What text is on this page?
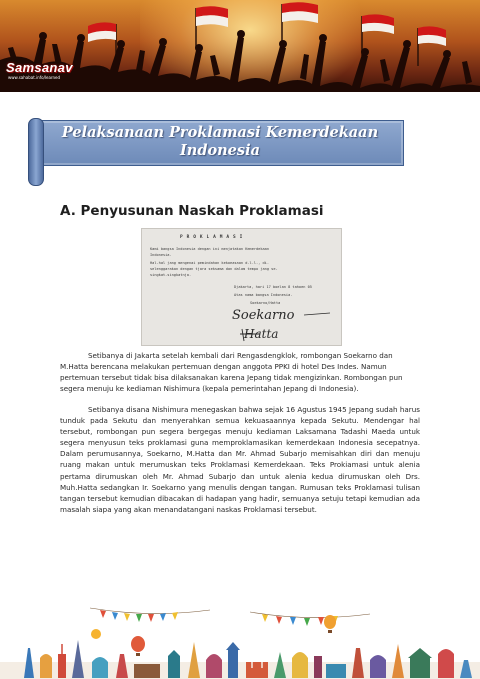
Samsanav
www.sahabat.info/learned
Pelaksanaan Proklamasi Kemerdekaan
Indonesia
A. Penyusunan Naskah Proklamasi
P R O K L A M A S I
Kami bangsa Indonesia dengan ini menjatakan Kemerdekaan
Indonesia.
Hal-hal jang mengenai pemindahan kekoeasaan d.l.l., di-
selenggarakan dengan tjara seksama dan dalam tempo jang se-
singkat-singkatnja.
Djakarta, hari 17 boelan 8 tahoen 05
Atas nama bangsa Indonesia.
Soekarno/Hatta
Soekarno
Hatta
Setibanya di Jakarta setelah kembali dari Rengasdengklok, rombongan Soekarno dan M.Hatta berencana melakukan pertemuan dengan anggota PPKI di hotel Des Indes. Namun pertemuan tersebut tidak bisa dilaksanakan karena Jepang tidak mengizinkan. Rombongan pun segera menuju ke kediaman Nishimura (kepala pemerintahan Jepang di Indonesia).
Setibanya disana Nishimura menegaskan bahwa sejak 16 Agustus 1945 Jepang sudah harus tunduk pada Sekutu dan menyerahkan semua kekuasaannya kepada Sekutu. Mendengar hal tersebut, rombongan pun segera bergegas menuju kediaman Laksamana Tadashi Maeda untuk segera menyusun teks proklamasi guna memproklamasikan kemerdekaan Indonesia secepatnya. Dalam perumusannya, Soekarno, M.Hatta dan Mr. Ahmad Subarjo memisahkan diri dan menuju ruang makan untuk merumuskan teks Proklamasi Kemerdekaan. Teks Prokiamasi untuk alenia pertama dirumuskan oleh Mr. Ahmad Subarjo dan untuk alenia kedua dirumuskan oleh Drs. Muh.Hatta sedangkan Ir. Soekarno yang menulis dengan tangan. Rumusan teks Proklamasi tulisan tangan tersebut kemudian dibacakan di hadapan yang hadir, semuanya setuju tetapi kemudian ada masalah siapa yang akan menandatangani naskas Proklamasi tersebut.
